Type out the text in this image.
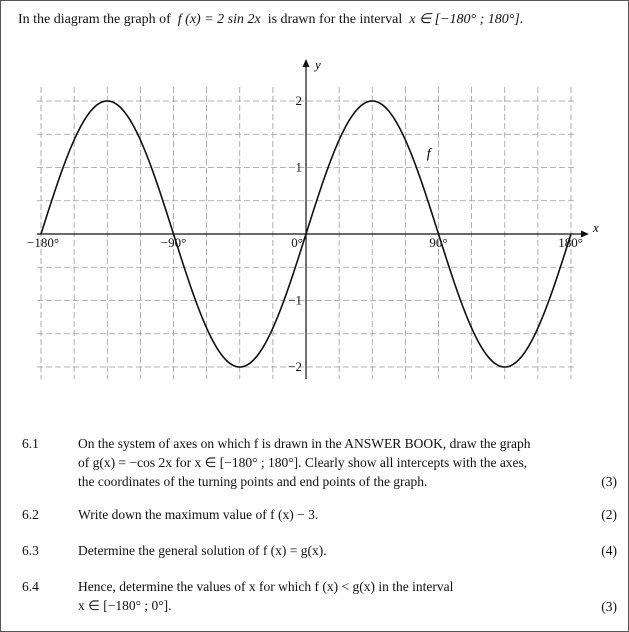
In the diagram the graph of f (x) = 2 sin 2x is drawn for the interval x ∈ [−180° ; 180°].
x
y
−180°	−90°	0°	90°	180°
2
1
−1
−2
f
6.1	On the system of axes on which f is drawn in the ANSWER BOOK, draw the graph
of g(x) = −cos 2x for x ∈ [−180° ; 180°]. Clearly show all intercepts with the axes,
the coordinates of the turning points and end points of the graph.	(3)
6.2	Write down the maximum value of f (x) − 3.	(2)
6.3	Determine the general solution of f (x) = g(x).	(4)
6.4	Hence, determine the values of x for which f (x) < g(x) in the interval
x ∈ [−180° ; 0°].	(3)
